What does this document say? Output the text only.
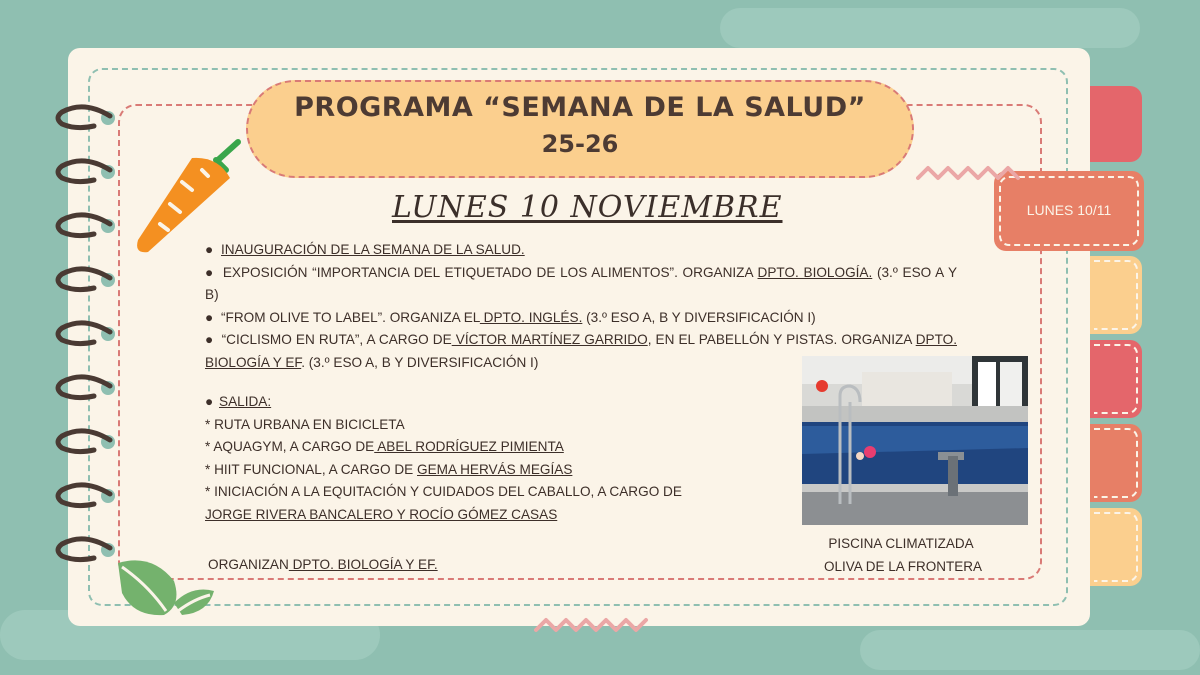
LUNES 10/11
PROGRAMA “SEMANA DE LA SALUD”
25-26
LUNES 10 NOVIEMBRE
● INAUGURACIÓN DE LA SEMANA DE LA SALUD.
● EXPOSICIÓN “IMPORTANCIA DEL ETIQUETADO DE LOS ALIMENTOS”. ORGANIZA DPTO. BIOLOGÍA. (3.º ESO A Y B)
● “FROM OLIVE TO LABEL”. ORGANIZA EL DPTO. INGLÉS. (3.º ESO A, B Y DIVERSIFICACIÓN I)
● “CICLISMO EN RUTA”, A CARGO DE VÍCTOR MARTÍNEZ GARRIDO, EN EL PABELLÓN Y PISTAS. ORGANIZA DPTO. BIOLOGÍA Y EF. (3.º ESO A, B Y DIVERSIFICACIÓN I)
● SALIDA:
* RUTA URBANA EN BICICLETA
* AQUAGYM, A CARGO DE ABEL RODRÍGUEZ PIMIENTA
* HIIT FUNCIONAL, A CARGO DE GEMA HERVÁS MEGÍAS
* INICIACIÓN A LA EQUITACIÓN Y CUIDADOS DEL CABALLO, A CARGO DE
JORGE RIVERA BANCALERO Y ROCÍO GÓMEZ CASAS
ORGANIZAN DPTO. BIOLOGÍA Y EF.
PISCINA CLIMATIZADA
OLIVA DE LA FRONTERA
